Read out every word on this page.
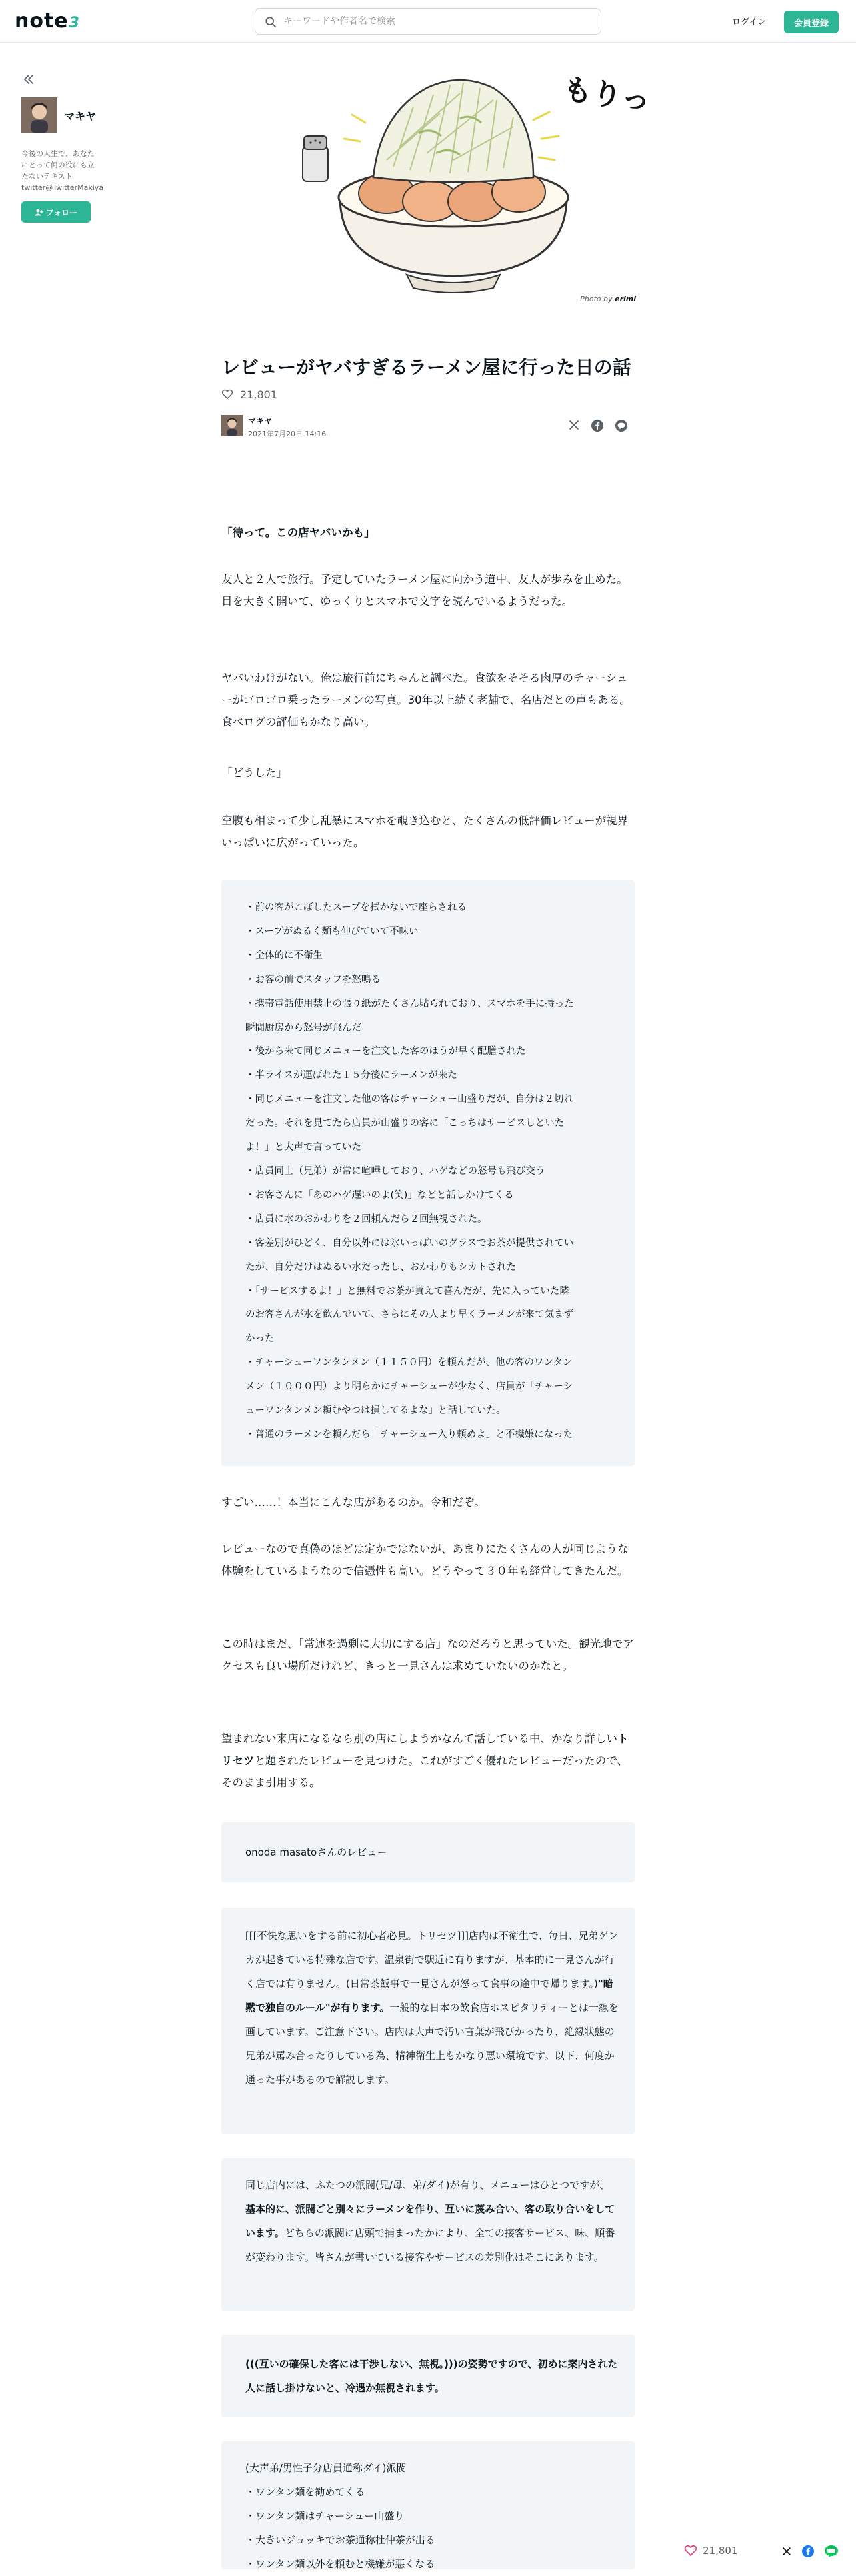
note3
キーワードや作者名で検索	ログイン	会員登録
マキヤ
今後の人生で、あなたにとって何の役にも立たないテキスト twitter@TwitterMakiya
フォロー
もりっ
Photo by erimi
レビューがヤバすぎるラーメン屋に行った日の話
21,801
マキヤ
2021年7月20日 14:16

「待って。この店ヤバいかも」

友人と２人で旅行。予定していたラーメン屋に向かう道中、友人が歩みを止めた。目を大きく開いて、ゆっくりとスマホで文字を読んでいるようだった。

ヤバいわけがない。俺は旅行前にちゃんと調べた。食欲をそそる肉厚のチャーシューがゴロゴロ乗ったラーメンの写真。30年以上続く老舗で、名店だとの声もある。食べログの評価もかなり高い。

「どうした」

空腹も相まって少し乱暴にスマホを覗き込むと、たくさんの低評価レビューが視界いっぱいに広がっていった。

・前の客がこぼしたスープを拭かないで座らされる
・スープがぬるく麺も伸びていて不味い
・全体的に不衛生
・お客の前でスタッフを怒鳴る
・携帯電話使用禁止の張り紙がたくさん貼られており、スマホを手に持った
瞬間厨房から怒号が飛んだ
・後から来て同じメニューを注文した客のほうが早く配膳された
・半ライスが運ばれた１５分後にラーメンが来た
・同じメニューを注文した他の客はチャーシュー山盛りだが、自分は２切れ
だった。それを見てたら店員が山盛りの客に「こっちはサービスしといた
よ！」と大声で言っていた
・店員同士（兄弟）が常に喧嘩しており、ハゲなどの怒号も飛び交う
・お客さんに「あのハゲ遅いのよ(笑)」などと話しかけてくる
・店員に水のおかわりを２回頼んだら２回無視された。
・客差別がひどく、自分以外には氷いっぱいのグラスでお茶が提供されてい
たが、自分だけはぬるい水だったし、おかわりもシカトされた
・「サービスするよ！」と無料でお茶が貰えて喜んだが、先に入っていた隣
のお客さんが水を飲んでいて、さらにその人より早くラーメンが来て気まず
かった
・チャーシューワンタンメン（１１５０円）を頼んだが、他の客のワンタン
メン（１０００円）より明らかにチャーシューが少なく、店員が「チャーシ
ューワンタンメン頼むやつは損してるよな」と話していた。
・普通のラーメンを頼んだら「チャーシュー入り頼めよ」と不機嫌になった

すごい……！本当にこんな店があるのか。令和だぞ。

レビューなので真偽のほどは定かではないが、あまりにたくさんの人が同じような体験をしているようなので信憑性も高い。どうやって３０年も経営してきたんだ。

この時はまだ、「常連を過剰に大切にする店」なのだろうと思っていた。観光地でアクセスも良い場所だけれど、きっと一見さんは求めていないのかなと。

望まれない来店になるなら別の店にしようかなんて話している中、かなり詳しいトリセツと題されたレビューを見つけた。これがすごく優れたレビューだったので、そのまま引用する。

onoda masatoさんのレビュー
[[[不快な思いをする前に初心者必見。トリセツ]]]店内は不衛生で、毎日、兄弟ゲンカが起きている特殊な店です。温泉街で駅近に有りますが、基本的に一見さんが行く店では有りません。(日常茶飯事で一見さんが怒って食事の途中で帰ります。)"暗黙で独自のルール"が有ります。一般的な日本の飲食店ホスピタリティーとは一線を画しています。ご注意下さい。店内は大声で汚い言葉が飛びかったり、絶縁状態の兄弟が罵み合ったりしている為、精神衛生上もかなり悪い環境です。以下、何度か通った事があるので解説します。
同じ店内には、ふたつの派閥(兄/母、弟/ダイ)が有り、メニューはひとつですが、基本的に、派閥ごと別々にラーメンを作り、互いに蔑み合い、客の取り合いをしています。どちらの派閥に店頭で捕まったかにより、全ての接客サービス、味、順番が変わります。皆さんが書いている接客やサービスの差別化はそこにあります。
(((互いの確保した客には干渉しない、無視。)))の姿勢ですので、初めに案内された人に話し掛けないと、冷遇か無視されます。
(大声弟/男性子分店員通称ダイ)派閥
・ワンタン麺を勧めてくる
・ワンタン麺はチャーシュー山盛り
・大きいジョッキでお茶通称杜仲茶が出る
・ワンタン麺以外を頼むと機嫌が悪くなる
21,801
